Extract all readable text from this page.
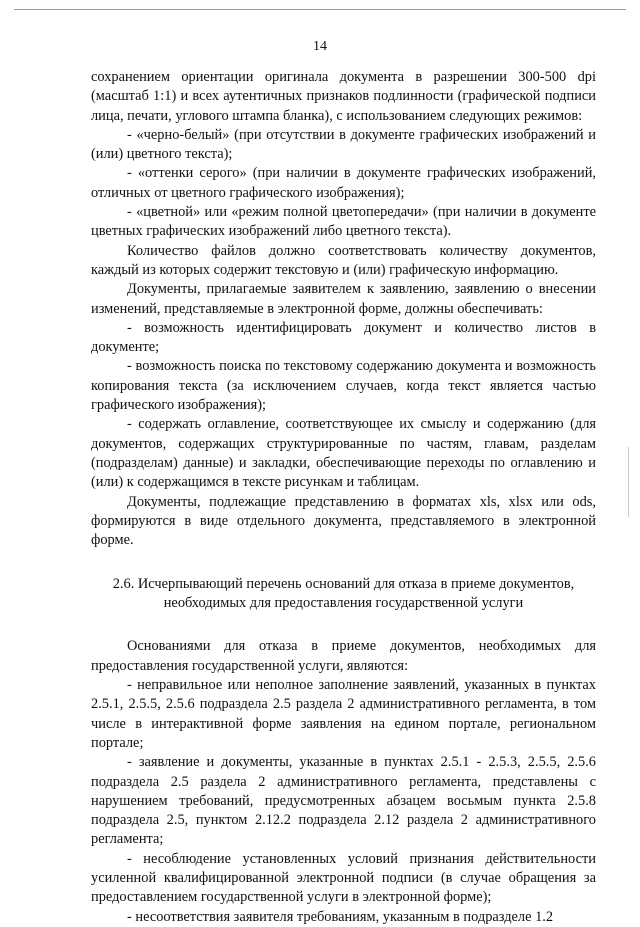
14

сохранением ориентации оригинала документа в разрешении 300-500 dpi (масштаб 1:1) и всех аутентичных признаков подлинности (графической подписи лица, печати, углового штампа бланка), с использованием следующих режимов:

- «черно-белый» (при отсутствии в документе графических изображений и (или) цветного текста);

- «оттенки серого» (при наличии в документе графических изображений, отличных от цветного графического изображения);

- «цветной» или «режим полной цветопередачи» (при наличии в документе цветных графических изображений либо цветного текста).

Количество файлов должно соответствовать количеству документов, каждый из которых содержит текстовую и (или) графическую информацию.

Документы, прилагаемые заявителем к заявлению, заявлению о внесении изменений, представляемые в электронной форме, должны обеспечивать:

- возможность идентифицировать документ и количество листов в документе;

- возможность поиска по текстовому содержанию документа и возможность копирования текста (за исключением случаев, когда текст является частью графического изображения);

- содержать оглавление, соответствующее их смыслу и содержанию (для документов, содержащих структурированные по частям, главам, разделам (подразделам) данные) и закладки, обеспечивающие переходы по оглавлению и (или) к содержащимся в тексте рисункам и таблицам.

Документы, подлежащие представлению в форматах xls, xlsx или ods, формируются в виде отдельного документа, представляемого в электронной форме.

2.6. Исчерпывающий перечень оснований для отказа в приеме документов,
необходимых для предоставления государственной услуги

Основаниями для отказа в приеме документов, необходимых для предоставления государственной услуги, являются:

- неправильное или неполное заполнение заявлений, указанных в пунктах 2.5.1, 2.5.5, 2.5.6 подраздела 2.5 раздела 2 административного регламента, в том числе в интерактивной форме заявления на едином портале, региональном портале;

- заявление и документы, указанные в пунктах 2.5.1 - 2.5.3, 2.5.5, 2.5.6 подраздела 2.5 раздела 2 административного регламента, представлены с нарушением требований, предусмотренных абзацем восьмым пункта 2.5.8 подраздела 2.5, пунктом 2.12.2 подраздела 2.12 раздела 2 административного регламента;

- несоблюдение установленных условий признания действительности усиленной квалифицированной электронной подписи (в случае обращения за предоставлением государственной услуги в электронной форме);

- несоответствия заявителя требованиям, указанным в подразделе 1.2
